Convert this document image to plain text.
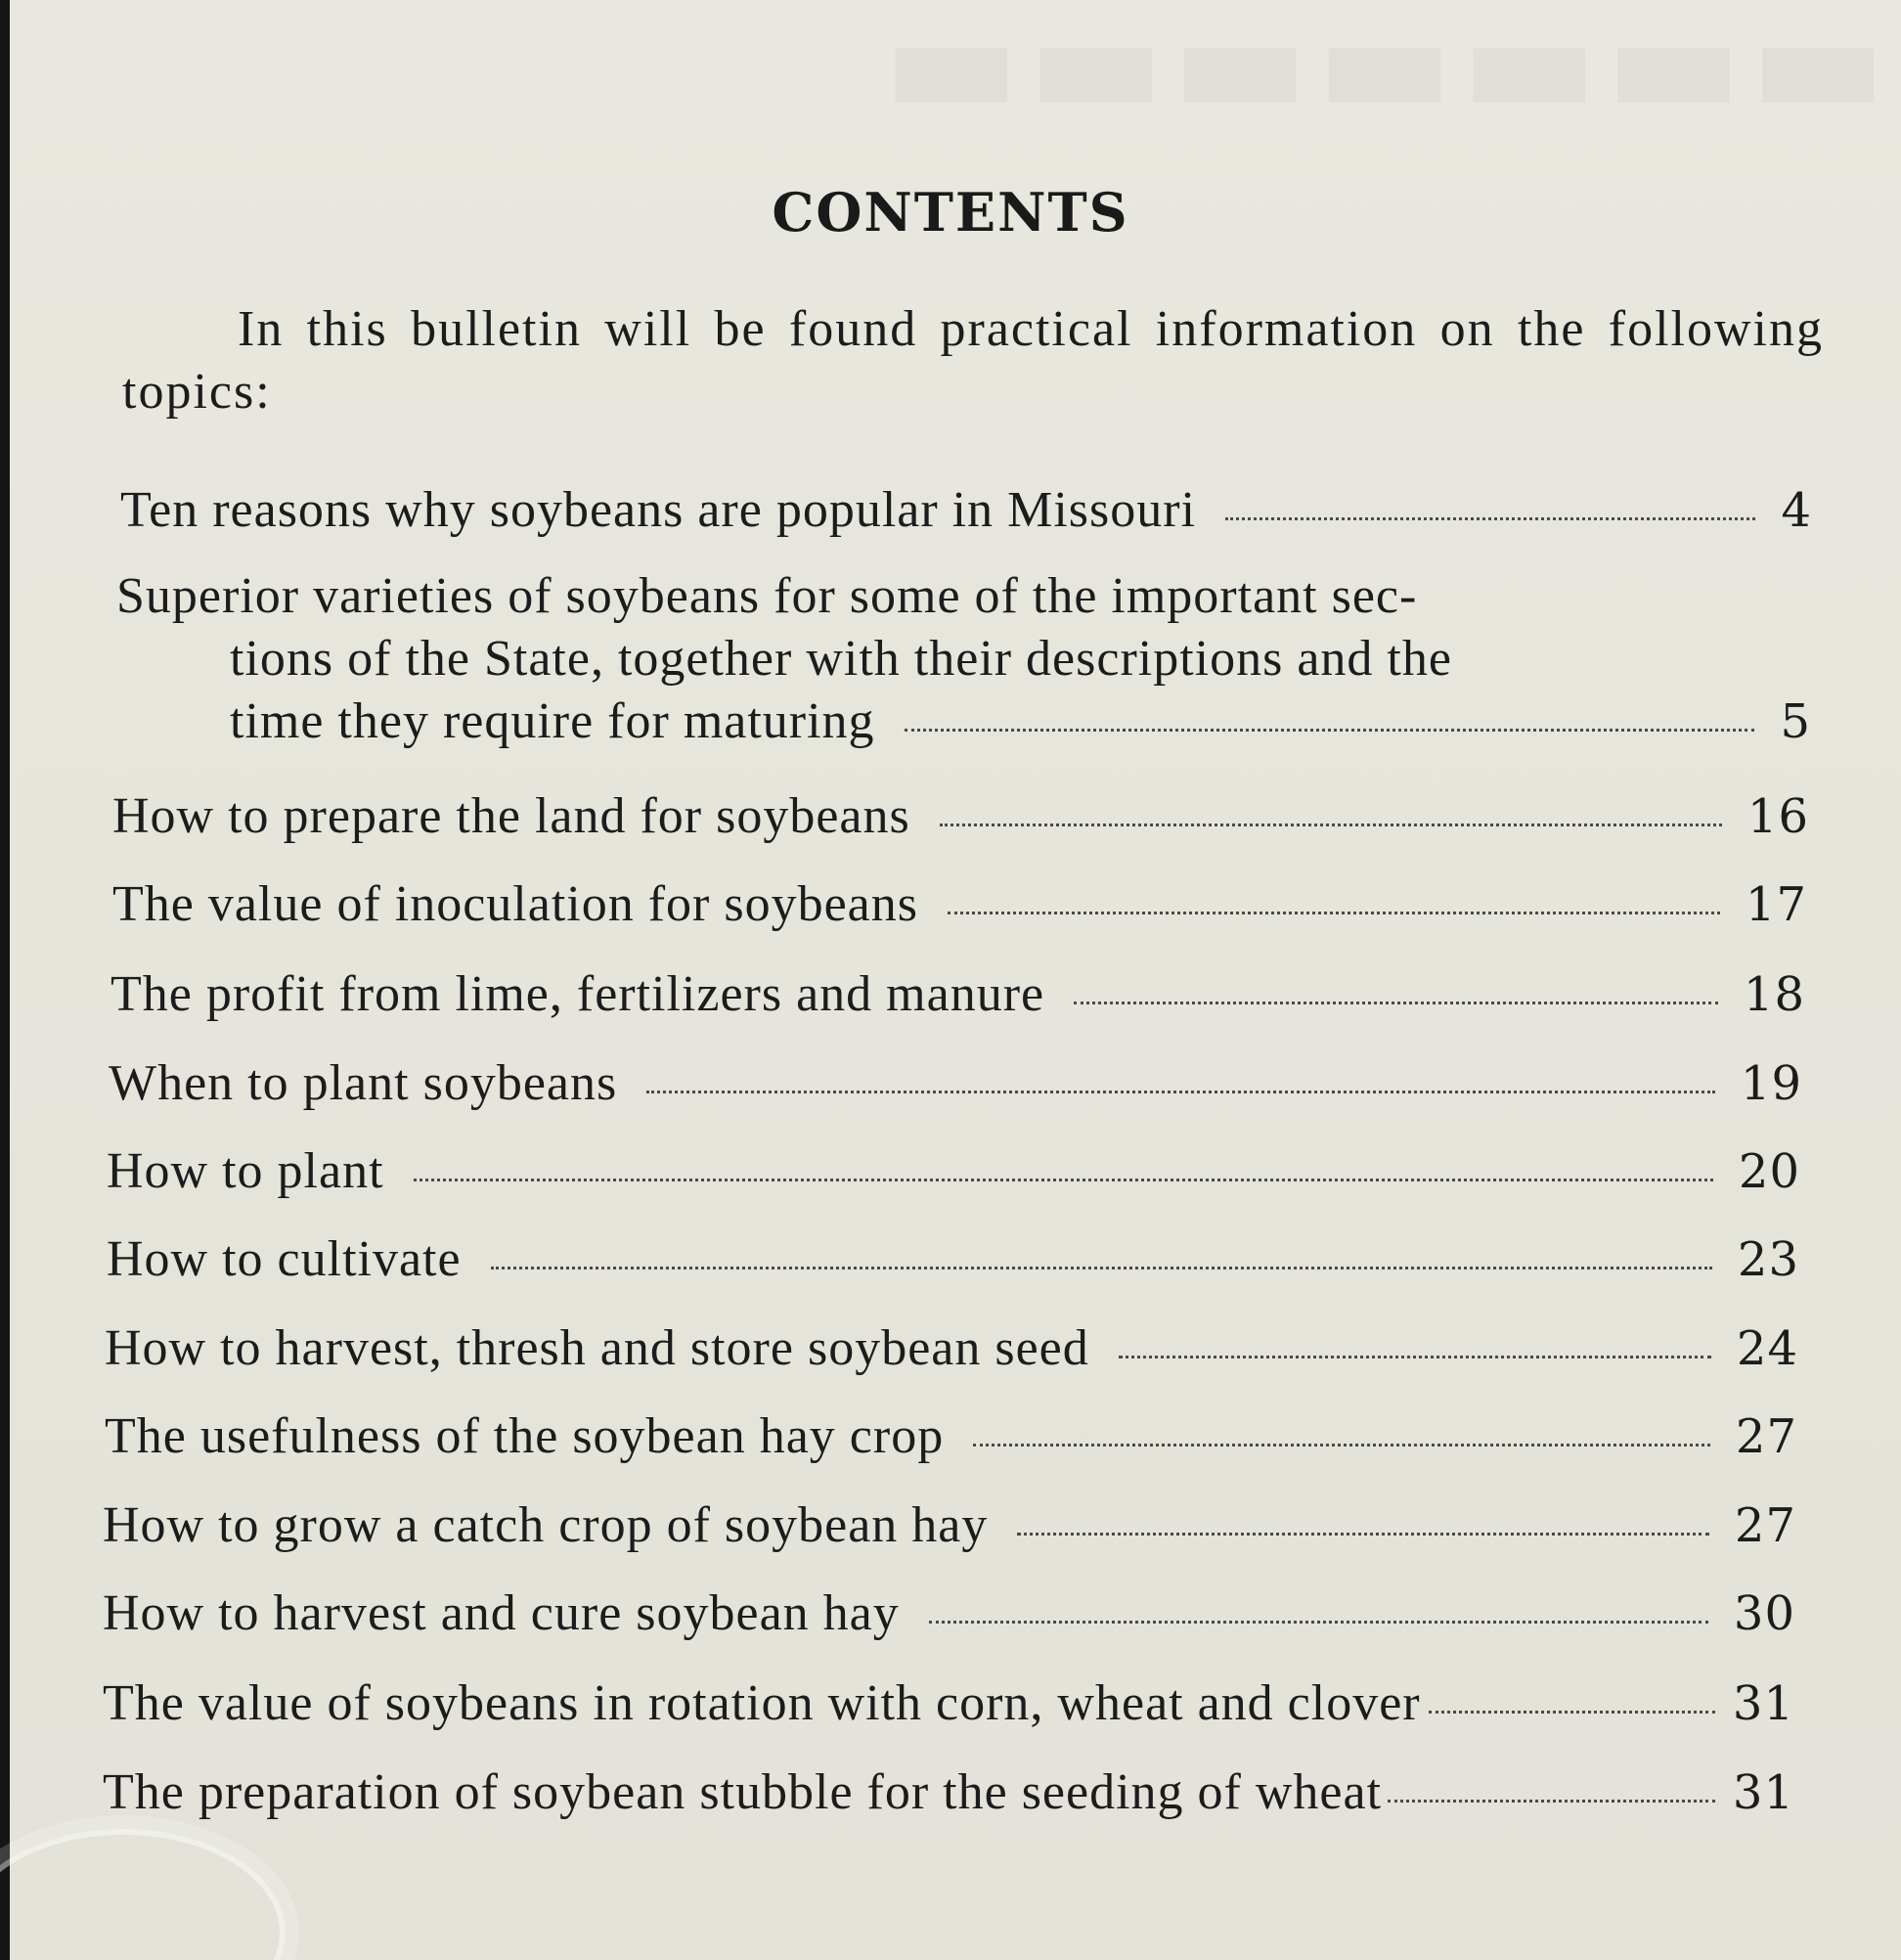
▬▬▬▬▬▬▬
CONTENTS

In this bulletin will be found practical information on the following topics:

Ten reasons why soybeans are popular in Missouri	4
Superior varieties of soybeans for some of the important sec-
tions of the State, together with their descriptions and the
time they require for maturing	5
How to prepare the land for soybeans	16
The value of inoculation for soybeans	17
The profit from lime, fertilizers and manure	18
When to plant soybeans	19
How to plant	20
How to cultivate	23
How to harvest, thresh and store soybean seed	24
The usefulness of the soybean hay crop	27
How to grow a catch crop of soybean hay	27
How to harvest and cure soybean hay	30
The value of soybeans in rotation with corn, wheat and clover	31
The preparation of soybean stubble for the seeding of wheat	31
